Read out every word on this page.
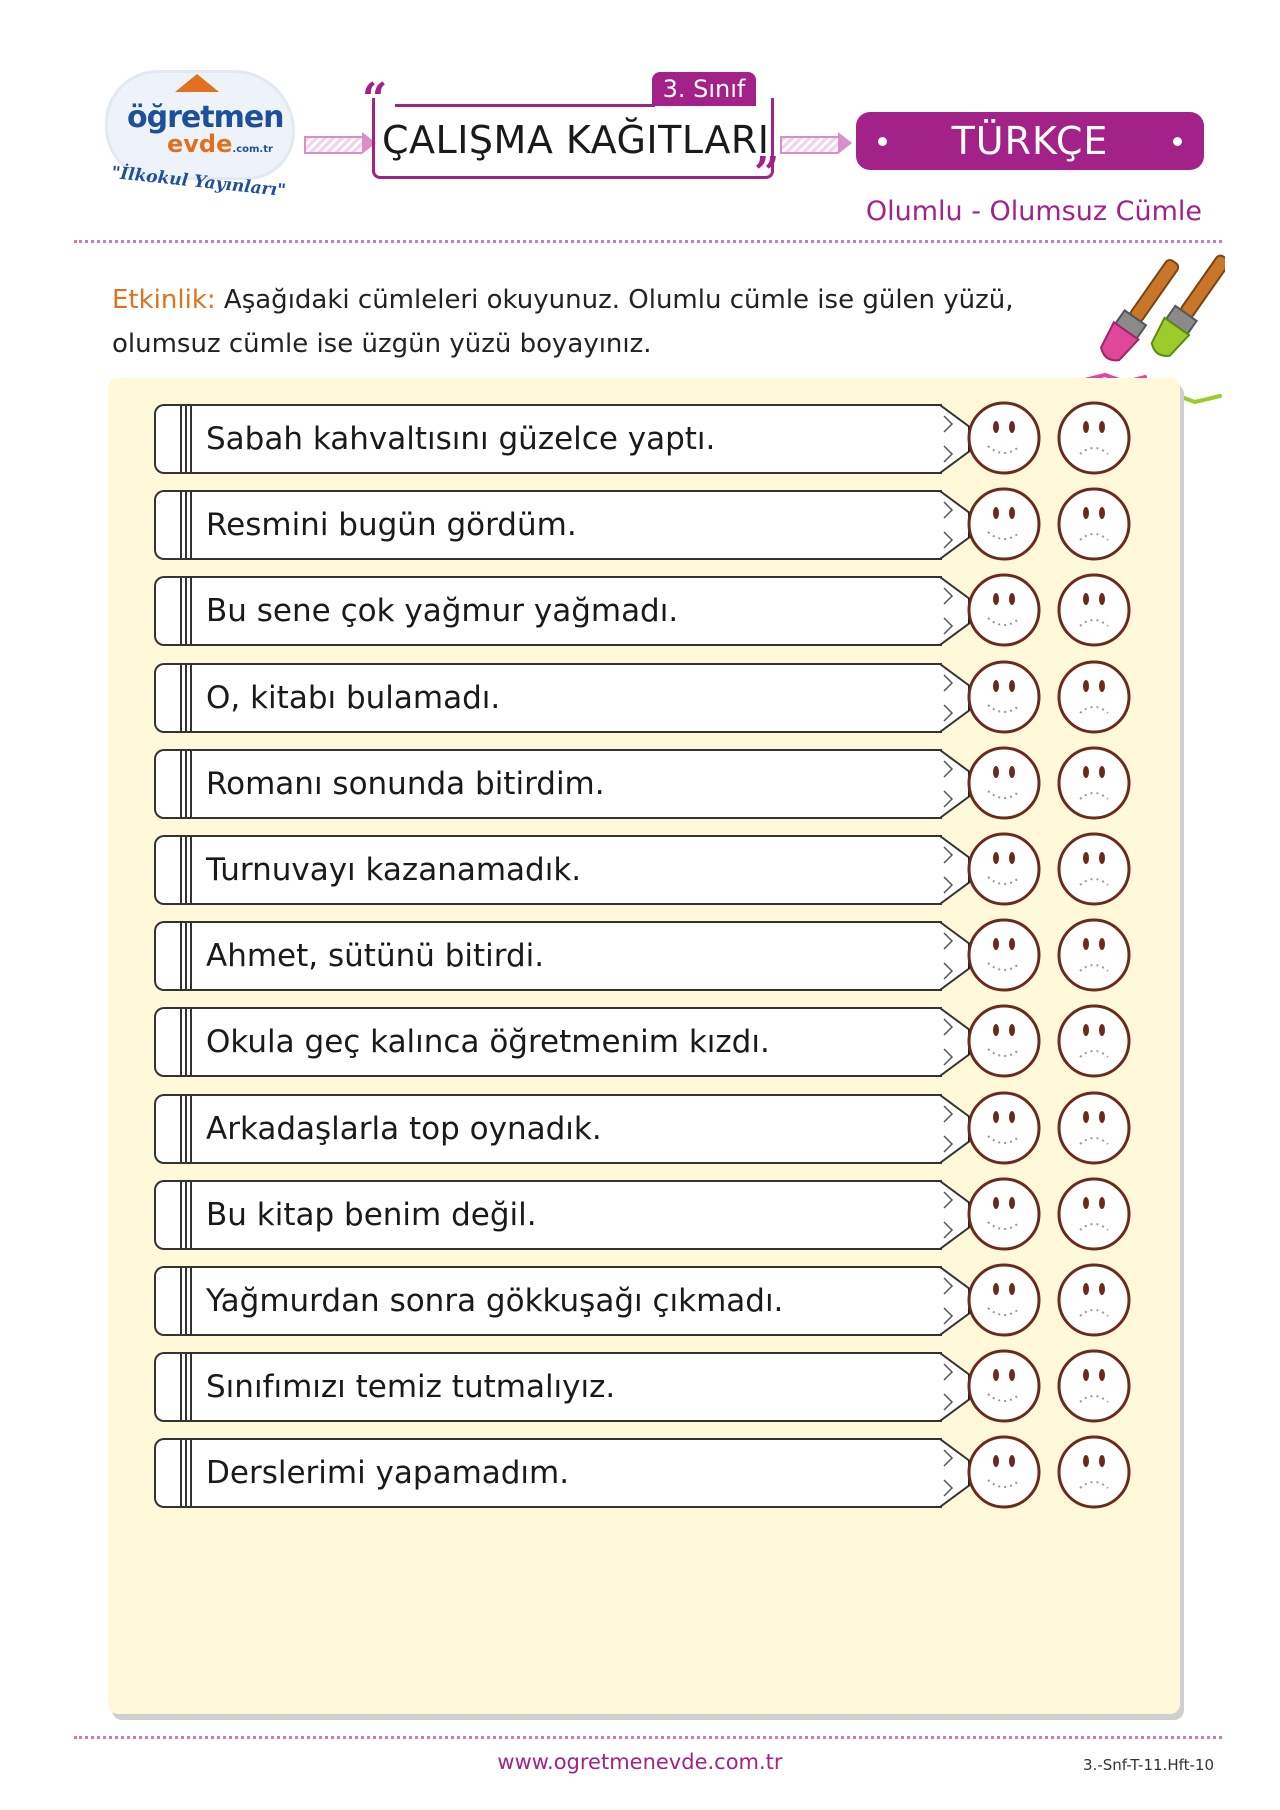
öğretmen
evde.com.tr
"İlkokul Yayınları"
3. Sınıf
“
ÇALIŞMA KAĞITLARI
”
TÜRKÇE
Olumlu - Olumsuz Cümle
Etkinlik: Aşağıdaki cümleleri okuyunuz. Olumlu cümle ise gülen yüzü, olumsuz cümle ise üzgün yüzü boyayınız.
Sabah kahvaltısını güzelce yaptı.
Resmini bugün gördüm.
Bu sene çok yağmur yağmadı.
O, kitabı bulamadı.
Romanı sonunda bitirdim.
Turnuvayı kazanamadık.
Ahmet, sütünü bitirdi.
Okula geç kalınca öğretmenim kızdı.
Arkadaşlarla top oynadık.
Bu kitap benim değil.
Yağmurdan sonra gökkuşağı çıkmadı.
Sınıfımızı temiz tutmalıyız.
Derslerimi yapamadım.
www.ogretmenevde.com.tr	3.-Snf-T-11.Hft-10
